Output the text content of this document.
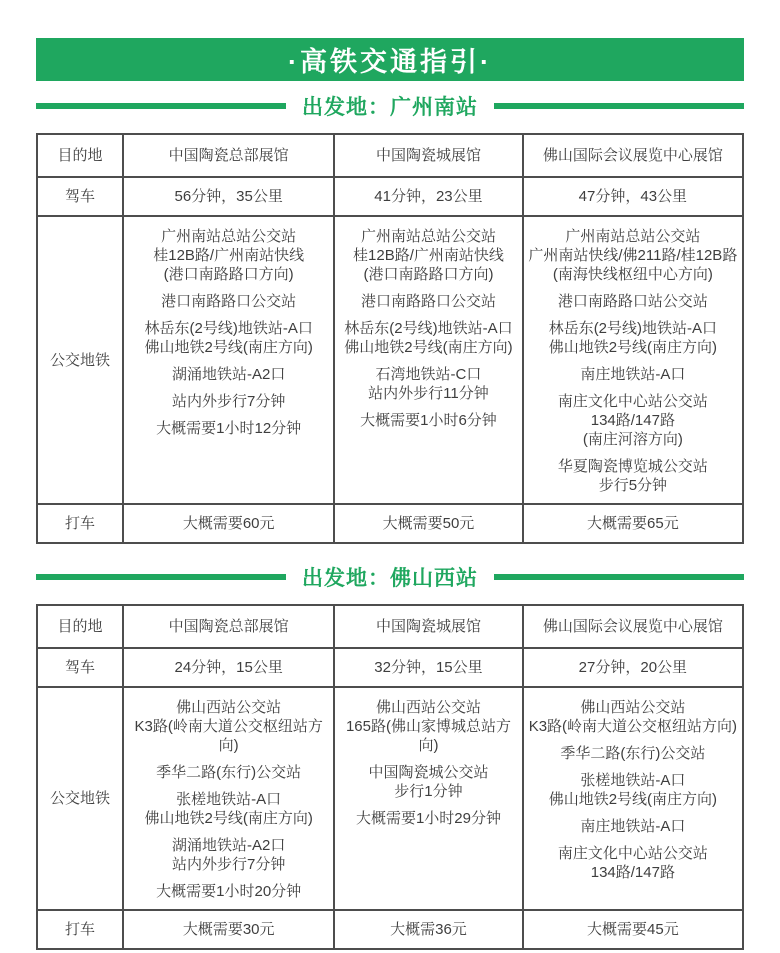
·高铁交通指引·
出发地：广州南站
目的地	中国陶瓷总部展馆	中国陶瓷城展馆	佛山国际会议展览中心展馆
驾车	56分钟，35公里	41分钟，23公里	47分钟，43公里
公交地铁	
广州南站总站公交站
桂12B路/广州南站快线
(港口南路路口方向)
港口南路路口公交站
林岳东(2号线)地铁站-A口
佛山地铁2号线(南庄方向)
湖涌地铁站-A2口
站内外步行7分钟
大概需要1小时12分钟

广州南站总站公交站
桂12B路/广州南站快线
(港口南路路口方向)
港口南路路口公交站
林岳东(2号线)地铁站-A口
佛山地铁2号线(南庄方向)
石湾地铁站-C口
站内外步行11分钟
大概需要1小时6分钟

广州南站总站公交站
广州南站快线/佛211路/桂12B路
(南海快线枢纽中心方向)
港口南路路口站公交站
林岳东(2号线)地铁站-A口
佛山地铁2号线(南庄方向)
南庄地铁站-A口
南庄文化中心站公交站
134路/147路
(南庄河溶方向)
华夏陶瓷博览城公交站
步行5分钟

打车	大概需要60元	大概需要50元	大概需要65元
出发地：佛山西站
目的地	中国陶瓷总部展馆	中国陶瓷城展馆	佛山国际会议展览中心展馆
驾车	24分钟，15公里	32分钟，15公里	27分钟，20公里
公交地铁	
佛山西站公交站
K3路(岭南大道公交枢纽站方向)
季华二路(东行)公交站
张槎地铁站-A口
佛山地铁2号线(南庄方向)
湖涌地铁站-A2口
站内外步行7分钟
大概需要1小时20分钟

佛山西站公交站
165路(佛山家博城总站方向)
中国陶瓷城公交站
步行1分钟
大概需要1小时29分钟

佛山西站公交站
K3路(岭南大道公交枢纽站方向)
季华二路(东行)公交站
张槎地铁站-A口
佛山地铁2号线(南庄方向)
南庄地铁站-A口
南庄文化中心站公交站
134路/147路

打车	大概需要30元	大概需36元	大概需要45元
